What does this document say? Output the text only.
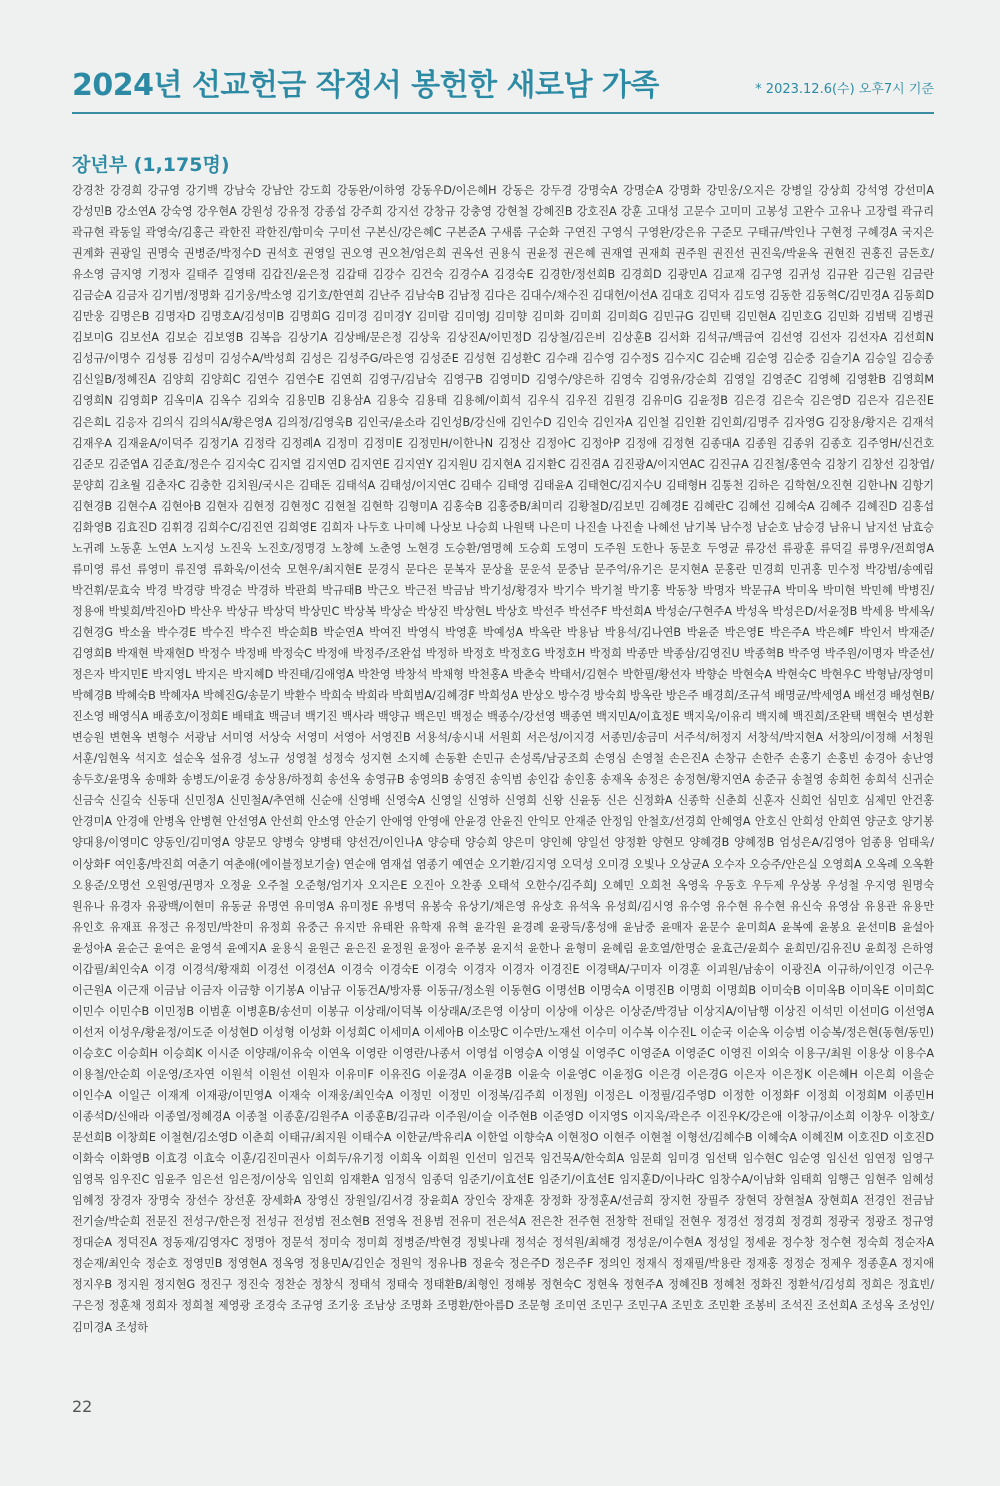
2024년 선교헌금 작정서 봉헌한 새로남 가족	* 2023.12.6(수) 오후7시 기준
장년부 (1,175명)
강경찬 강경희 강규영 강기백 강남숙 강남안 강도희 강동완/이하영 강동우D/이은혜H 강동은 강두경 강명숙A 강명순A 강명화 강민웅/오지은 강병일 강상희 강석영 강선미A 강성민B 강소연A 강숙영 강우현A 강원성 강유정 강종섭 강주희 강지선 강창규 강충영 강현철 강혜진B 강호진A 강훈 고대성 고문수 고미미 고봉성 고완수 고유나 고장렬 곽규리 곽규현 곽동일 곽영숙/김홍근 곽한진 곽한진/함미숙 구미선 구본신/강은혜C 구본준A 구새롬 구순화 구연진 구영식 구영완/강은유 구준모 구태규/박인나 구현정 구혜경A 국지은 권계화 권광일 권명숙 권병준/박정수D 권석호 권영일 권오영 권오천/엄은희 권옥선 권용식 권윤정 권은혜 권재열 권재희 권주원 권진선 권진욱/박윤옥 권현진 권홍진 금돈호/유소영 금지영 기정자 길태주 길영태 김갑진/윤은정 김갑태 김강수 김건숙 김경수A 김경숙E 김경한/정선희B 김경희D 김광민A 김교재 김구영 김귀성 김규완 김근원 김금란 김금순A 김금자 김기범/정명화 김기웅/박소영 김기호/한연희 김난주 김남숙B 김남정 김다은 김대수/채수진 김대헌/이선A 김대호 김덕자 김도영 김동한 김동혁C/김민경A 김동희D 김만웅 김명은B 김명자D 김명호A/김성미B 김명희G 김미경 김미경Y 김미람 김미영J 김미향 김미화 김미희 김미희G 김민규G 김민택 김민현A 김민호G 김민화 김범택 김병권 김보미G 김보선A 김보순 김보영B 김복음 김상기A 김상배/문은정 김상욱 김상진A/이민정D 김상철/김은비 김상훈B 김서화 김석규/백금여 김선영 김선자 김선자A 김선희N 김성규/이명수 김성룡 김성미 김성수A/박성희 김성은 김성주G/라은영 김성준E 김성현 김성환C 김수래 김수영 김수정S 김수지C 김순배 김순영 김순중 김슬기A 김승일 김승종 김신일B/정혜진A 김양희 김양희C 김연수 김연수E 김연희 김영구/김남숙 김영구B 김영미D 김영수/양은하 김영숙 김영유/강순희 김영일 김영준C 김영혜 김영환B 김영희M 김영희N 김영희P 김옥미A 김옥수 김외숙 김용민B 김용삼A 김용숙 김용태 김용혜/이희석 김우식 김우진 김원경 김유미G 김윤정B 김은경 김은숙 김은영D 김은자 김은진E 김은희L 김응자 김의식 김의식A/황은영A 김의정/김영욱B 김인국/윤소라 김인성B/강신애 김인수D 김인숙 김인자A 김인철 김인환 김인희/김명주 김자영G 김장용/황지은 김재석 김재우A 김재윤A/이덕주 김정기A 김정락 김정례A 김정미 김정미E 김정민H/이한나N 김정산 김정아C 김정아P 김정애 김정현 김종대A 김종원 김종위 김종호 김주영H/신건호 김준모 김준엽A 김준효/정은수 김지숙C 김지열 김지연D 김지연E 김지연Y 김지원U 김지현A 김지환C 김진겸A 김진광A/이지연AC 김진규A 김진철/홍연숙 김창기 김창선 김창엽/문양희 김초월 김춘자C 김충한 김치원/국시은 김태돈 김태석A 김태성/이지연C 김태수 김태영 김태윤A 김태현C/김지수U 김태형H 김통천 김하은 김학현/오진현 김한나N 김항기 김현경B 김현수A 김현아B 김현자 김현정 김현정C 김현철 김현학 김형미A 김홍숙B 김홍중B/최미리 김황철D/김보민 김혜경E 김혜란C 김혜선 김혜숙A 김혜주 김혜진D 김홍섭 김화영B 김효진D 김휘경 김희수C/김진연 김희영E 김희자 나두호 나미혜 나상보 나승희 나원택 나은미 나진솔 나진솔 나혜선 남기복 남수정 남순호 남승경 남유니 남지선 남효승 노귀례 노동훈 노연A 노지성 노진욱 노진호/정명경 노창혜 노춘영 노현경 도승환/염명혜 도승희 도영미 도주원 도한나 동문호 두영균 류강선 류광훈 류덕길 류명우/전희영A 류미영 류선 류영미 류진영 류화욱/이선숙 모현우/최지현E 문경식 문다은 문복자 문상율 문운석 문중남 문주억/유기은 문지현A 문홍란 민경희 민귀홍 민수정 박강범/송예림 박건휘/문효숙 박경 박경량 박경순 박경하 박관희 박규태B 박근오 박근전 박금남 박기성/황경자 박기수 박기철 박기홍 박동창 박명자 박문규A 박미옥 박미현 박민혜 박병진/정용애 박빛희/박진아D 박산우 박상규 박상덕 박상민C 박상복 박상순 박상진 박상현L 박상호 박선주 박선주F 박선희A 박성순/구현주A 박성옥 박성은D/서윤정B 박세용 박세옥/김현경G 박소율 박수경E 박수진 박수진 박순희B 박순연A 박여진 박영식 박영훈 박예성A 박옥란 박용남 박용석/김나연B 박윤준 박은영E 박은주A 박은혜F 박인서 박재준/김영희B 박재현 박재현D 박정수 박정배 박정숙C 박정애 박정주/조완섭 박정하 박정호 박정호G 박정호H 박정희 박종만 박종삼/김영진U 박종혁B 박주영 박주원/이명자 박준선/정은자 박지민E 박지영L 박지은 박지혜D 박진태/김애영A 박찬영 박창석 박채형 박천홍A 박춘숙 박태서/김현수 박한필/황선자 박향순 박현숙A 박현숙C 박현우C 박형남/장영미 박혜경B 박혜숙B 박혜자A 박혜진G/송문기 박환수 박희숙 박희라 박희범A/김혜경F 박희성A 반상오 방수경 방숙희 방옥란 방은주 배경희/조규석 배명균/박세영A 배선경 배성현B/진소영 배영식A 배종호/이정희E 배태효 백금녀 백기진 백사라 백양규 백은민 백정순 백종수/강선영 백종연 백지민A/이효정E 백지욱/이유리 백지혜 백진희/조완택 백현숙 변성환 변승원 변현옥 변형수 서광남 서미영 서상숙 서영미 서영아 서영진B 서용석/송시내 서원희 서은성/이지경 서종민/송금미 서주석/허정지 서창석/박지현A 서창의/이정해 서청원 서훈/임현옥 석지호 설순옥 설유경 성노규 성영철 성정숙 성지현 소지혜 손동환 손민규 손성록/남궁조희 손영심 손영철 손은진A 손창규 손한주 손홍기 손홍빈 송경아 송난영 송두호/윤명옥 송매화 송병도/이윤경 송상용/하정희 송선옥 송영규B 송영의B 송영진 송익범 송인갑 송인홍 송재옥 송정은 송정현/황지연A 송준규 송철영 송희헌 송희석 신귀순 신금숙 신길숙 신동대 신민정A 신민철A/추연해 신순애 신영배 신영숙A 신영일 신영하 신영희 신왕 신윤동 신은 신정화A 신종학 신춘희 신훈자 신희언 심민호 심제민 안건홍 안경미A 안경애 안병옥 안병현 안선영A 안선희 안소영 안순기 안애영 안영애 안윤경 안윤진 안익모 안재준 안정임 안철호/선경희 안혜영A 안호신 안희성 안희연 양군호 양기봉 양대용/이영미C 양동인/김미영A 양문모 양병숙 양병태 양선건/이인나A 양승태 양승희 양은미 양인혜 양일선 양정환 양현모 양혜경B 양혜정B 엄성은A/김영아 엄종용 엄태욱/이상화F 여인홍/박진희 여춘기 여춘애(에이블정보기술) 연순애 염재섭 염종기 예연순 오기환/김지영 오덕성 오미경 오빛나 오상균A 오수자 오승주/안은실 오영희A 오옥례 오옥환 오용준/오명선 오원영/권명자 오정윤 오주철 오준형/엄기자 오지은E 오진아 오찬종 오태석 오한수/김주희J 오혜민 오희천 옥영욱 우동호 우두제 우상봉 우성철 우지영 원명숙 원유나 유경자 유광백/이현미 유동균 유명연 유미영A 유미정E 유병덕 유봉숙 유상기/채은영 유상호 유석옥 유성희/김시영 유수영 유수현 유수현 유신숙 유영삼 유용관 유용만 유인호 유재표 유정근 유정민/박찬미 유정희 유중근 유지만 유태완 유학재 유혁 윤각원 윤경례 윤광득/홍성애 윤남중 윤매자 윤문수 윤미희A 윤복예 윤봉요 윤선미B 윤설아 윤성아A 윤순근 윤여은 윤영석 윤예지A 윤용식 윤원근 윤은진 윤정원 윤정아 윤주봉 윤지석 윤한나 윤형미 윤혜림 윤호열/한명순 윤효근/윤희수 윤희민/김유진U 윤희정 은하영 이갑필/최인숙A 이경 이경석/황재희 이경선 이경선A 이경숙 이경숙E 이경숙 이경자 이경자 이경진E 이경택A/구미자 이경훈 이괴원/남송이 이광진A 이규하/이인경 이근우 이근원A 이근재 이금남 이금자 이금향 이기봉A 이남규 이동건A/방자룡 이동규/정소원 이동현G 이명선B 이명숙A 이명진B 이명희 이명희B 이미숙B 이미옥B 이미옥E 이미희C 이민수 이민수B 이민정B 이범훈 이병훈B/송선미 이봉규 이상래/이덕복 이상래A/조은영 이상미 이상애 이상은 이상준/박경남 이상지A/이남행 이상진 이석민 이선미G 이선영A 이선저 이성우/황윤정/이도준 이성현D 이성형 이성화 이성희C 이세미A 이세아B 이소망C 이수만/노재선 이수미 이수복 이수진L 이순국 이순옥 이승범 이승복/정은현(동현/동민) 이승호C 이승희H 이승희K 이시준 이양래/이유숙 이연옥 이영란 이영란/나종서 이영섭 이영승A 이영실 이영주C 이영준A 이영준C 이영진 이외숙 이용구/최원 이용상 이용수A 이용철/안순희 이운영/조자연 이원석 이원선 이원자 이유미F 이유진G 이윤경A 이윤경B 이윤숙 이윤영C 이윤정G 이은경 이은경G 이은자 이은정K 이은혜H 이은희 이을순 이인수A 이일근 이재계 이재광/이민영A 이재숙 이재웅/최인숙A 이정민 이정민 이정복/김주희 이정원J 이정은L 이정필/김주영D 이정한 이정화F 이정희 이정희M 이종민H 이종석D/신애라 이종열/정혜경A 이종철 이종훈/김원주A 이종훈B/김규라 이주원/이슬 이주현B 이준영D 이지영S 이지욱/곽은주 이진우K/강은애 이창규/이소희 이창우 이창호/문선희B 이창희E 이철현/김소영D 이춘희 이태규/최지원 이태수A 이한균/박유리A 이한얼 이향숙A 이현정O 이현주 이현철 이형선/김혜수B 이혜숙A 이혜진M 이호진D 이호진D 이화숙 이화영B 이효경 이효숙 이훈/김진미권사 이희두/유기정 이희옥 이희원 인선미 임건묵 임건묵A/한숙희A 임문희 임미경 임선택 임수현C 임순영 임신선 임연정 임영구 임영목 임우진C 임윤주 임은선 임은정/이상욱 임인희 임재환A 임정식 임종덕 임준기/이효선E 임준기/이효선E 임지훈D/이나라C 임창수A/이남화 임태희 임행근 임현주 임혜성 임혜정 장경자 장명숙 장선수 장선훈 장세화A 장영신 장원일/김서경 장윤희A 장인숙 장재훈 장정화 장정훈A/선금희 장지헌 장필주 장현덕 장현철A 장현희A 전경인 전금남 전기술/박순희 전문진 전성구/한은정 전성규 전성범 전소현B 전영옥 전용범 전유미 전은석A 전은찬 전주현 전창학 전태일 전현우 정경선 정경희 정경희 정광국 정광조 정규영 정대순A 정덕진A 정동재/김영자C 정명아 정문석 정미숙 정미희 정병준/박현경 정빛나래 정석순 정석원/최해경 정성운/이수현A 정성일 정세윤 정수창 정수현 정숙희 정순자A 정순재/최인숙 정순호 정영민B 정영현A 정옥영 정용민A/김인순 정원익 정유나B 정윤숙 정은주D 정은주F 정의인 정재식 정재필/박용란 정재홍 정정순 정제우 정종훈A 정지애 정지우B 정지원 정지현G 정진구 정진숙 정찬순 정창식 정태석 정태숙 정태환B/최형인 정해봉 정현숙C 정현옥 정현주A 정혜진B 정혜천 정화진 정환석/김성희 정희은 정효빈/구은정 정훈채 정희자 정희철 제영광 조경숙 조규영 조기웅 조남상 조명화 조명환/한아름D 조문형 조미연 조민구 조민구A 조민호 조민환 조봉비 조석진 조선희A 조성옥 조성인/김미경A 조성하
22
